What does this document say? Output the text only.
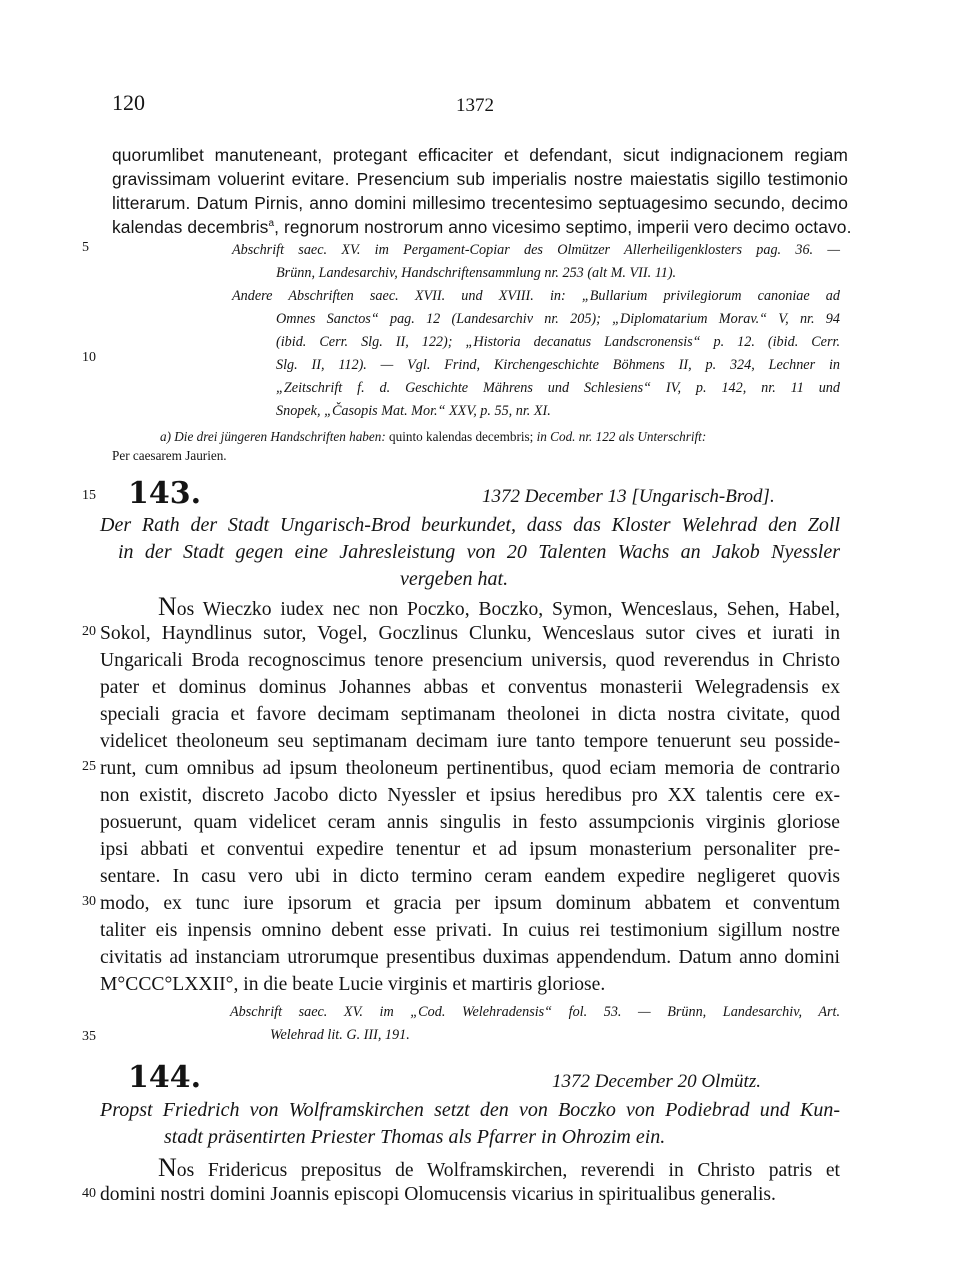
120	1372
quorumlibet manuteneant, protegant efficaciter et defendant, sicut indignacionem regiam
gravissimam voluerint evitare. Presencium sub imperialis nostre maiestatis sigillo testimonio
litterarum. Datum Pirnis, anno domini millesimo trecentesimo septuagesimo secundo, decimo
kalendas decembris$^a$, regnorum nostrorum anno vicesimo septimo, imperii vero decimo octavo.
5	Abschrift saec. XV. im Pergament-Copiar des Olmützer Allerheiligenklosters pag. 36. —
Brünn, Landesarchiv, Handschriftensammlung nr. 253 (alt M. VII. 11).
Andere Abschriften saec. XVII. und XVIII. in: „Bullarium privilegiorum canoniae ad
Omnes Sanctos“ pag. 12 (Landesarchiv nr. 205); „Diplomatarium Morav.“ V, nr. 94
(ibid. Cerr. Slg. II, 122); „Historia decanatus Landscronensis“ p. 12. (ibid. Cerr.
10	Slg. II, 112). — Vgl. Frind, Kirchengeschichte Böhmens II, p. 324, Lechner in
„Zeitschrift f. d. Geschichte Mährens und Schlesiens“ IV, p. 142, nr. 11 und
Snopek, „Časopis Mat. Mor.“ XXV, p. 55, nr. XI.
a) Die drei jüngeren Handschriften haben: quinto kalendas decembris; in Cod. nr. 122 als Unterschrift:
Per caesarem Jaurien.
15 143.	1372 December 13 [Ungarisch-Brod].
Der Rath der Stadt Ungarisch-Brod beurkundet, dass das Kloster Welehrad den Zoll
in der Stadt gegen eine Jahresleistung von 20 Talenten Wachs an Jakob Nyessler
vergeben hat.
Nos Wieczko iudex nec non Poczko, Boczko, Symon, Wenceslaus, Sehen, Habel,
20 Sokol, Hayndlinus sutor, Vogel, Goczlinus Clunku, Wenceslaus sutor cives et iurati in
Ungaricali Broda recognoscimus tenore presencium universis, quod reverendus in Christo
pater et dominus dominus Johannes abbas et conventus monasterii Welegradensis ex
speciali gracia et favore decimam septimanam theolonei in dicta nostra civitate, quod
videlicet theoloneum seu septimanam decimam iure tanto tempore tenuerunt seu posside-
25 runt, cum omnibus ad ipsum theoloneum pertinentibus, quod eciam memoria de contrario
non existit, discreto Jacobo dicto Nyessler et ipsius heredibus pro XX talentis cere ex-
posuerunt, quam videlicet ceram annis singulis in festo assumpcionis virginis gloriose
ipsi abbati et conventui expedire tenentur et ad ipsum monasterium personaliter pre-
sentare. In casu vero ubi in dicto termino ceram eandem expedire negligeret quovis
30 modo, ex tunc iure ipsorum et gracia per ipsum dominum abbatem et conventum
taliter eis inpensis omnino debent esse privati. In cuius rei testimonium sigillum nostre
civitatis ad instanciam utrorumque presentibus duximas appendendum. Datum anno domini
M°CCC°LXXII°, in die beate Lucie virginis et martiris gloriose.
Abschrift saec. XV. im „Cod. Welehradensis“ fol. 53. — Brünn, Landesarchiv, Art.
35	Welehrad lit. G. III, 191.
144.	1372 December 20 Olmütz.
Propst Friedrich von Wolframskirchen setzt den von Boczko von Podiebrad und Kun-
stadt präsentirten Priester Thomas als Pfarrer in Ohrozim ein.
Nos Fridericus prepositus de Wolframskirchen, reverendi in Christo patris et
40 domini nostri domini Joannis episcopi Olomucensis vicarius in spiritualibus generalis.
